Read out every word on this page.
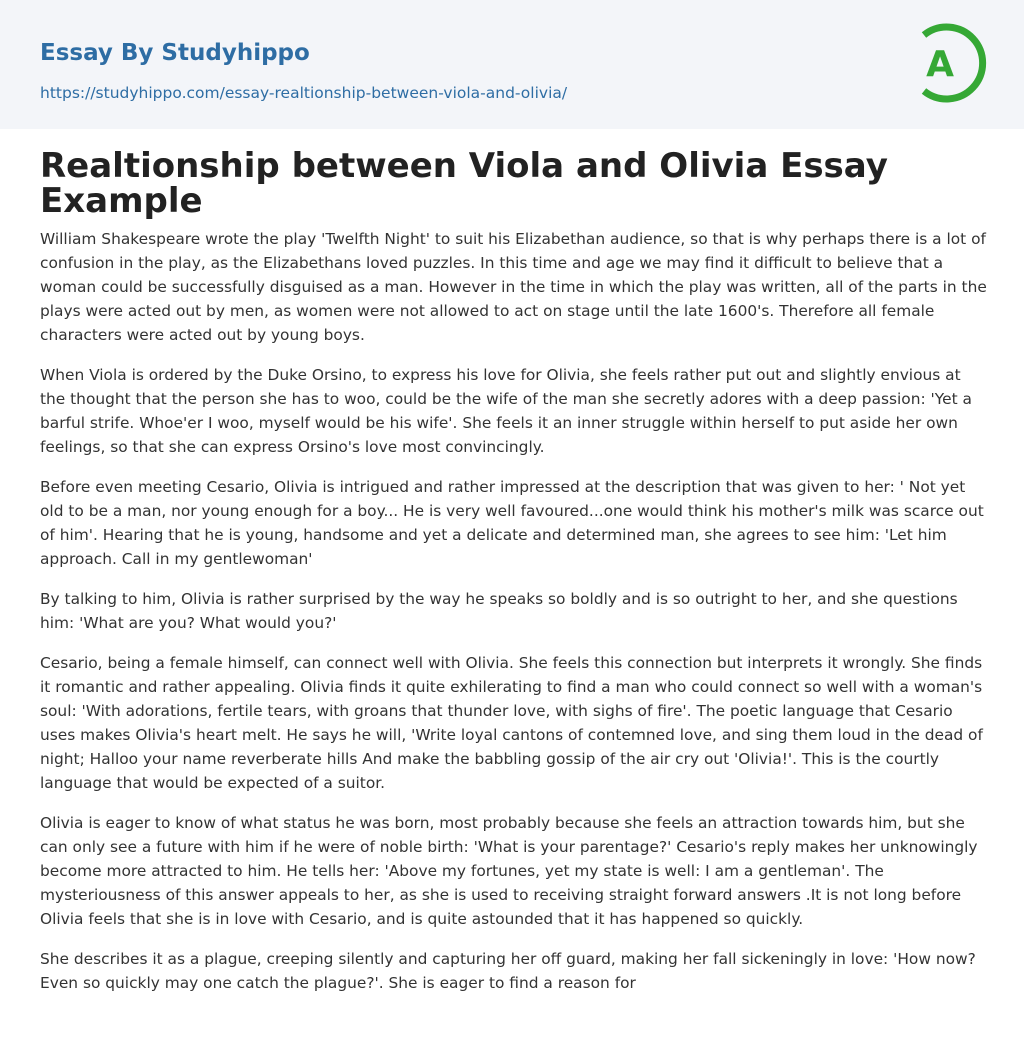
Essay By Studyhippo
https://studyhippo.com/essay-realtionship-between-viola-and-olivia/
A
Realtionship between Viola and Olivia Essay Example

William Shakespeare wrote the play 'Twelfth Night' to suit his Elizabethan audience, so that is why perhaps there is a lot of confusion in the play, as the Elizabethans loved puzzles. In this time and age we may find it difficult to believe that a woman could be successfully disguised as a man. However in the time in which the play was written, all of the parts in the plays were acted out by men, as women were not allowed to act on stage until the late 1600's. Therefore all female characters were acted out by young boys.

When Viola is ordered by the Duke Orsino, to express his love for Olivia, she feels rather put out and slightly envious at the thought that the person she has to woo, could be the wife of the man she secretly adores with a deep passion: 'Yet a barful strife. Whoe'er I woo, myself would be his wife'. She feels it an inner struggle within herself to put aside her own feelings, so that she can express Orsino's love most convincingly.

Before even meeting Cesario, Olivia is intrigued and rather impressed at the description that was given to her: ' Not yet old to be a man, nor young enough for a boy... He is very well favoured...one would think his mother's milk was scarce out of him'. Hearing that he is young, handsome and yet a delicate and determined man, she agrees to see him: 'Let him approach. Call in my gentlewoman'

By talking to him, Olivia is rather surprised by the way he speaks so boldly and is so outright to her, and she questions him: 'What are you? What would you?'

Cesario, being a female himself, can connect well with Olivia. She feels this connection but interprets it wrongly. She finds it romantic and rather appealing. Olivia finds it quite exhilerating to find a man who could connect so well with a woman's soul: 'With adorations, fertile tears, with groans that thunder love, with sighs of fire'. The poetic language that Cesario uses makes Olivia's heart melt. He says he will, 'Write loyal cantons of contemned love, and sing them loud in the dead of night; Halloo your name reverberate hills And make the babbling gossip of the air cry out 'Olivia!'. This is the courtly language that would be expected of a suitor.

Olivia is eager to know of what status he was born, most probably because she feels an attraction towards him, but she can only see a future with him if he were of noble birth: 'What is your parentage?' Cesario's reply makes her unknowingly become more attracted to him. He tells her: 'Above my fortunes, yet my state is well: I am a gentleman'. The mysteriousness of this answer appeals to her, as she is used to receiving straight forward answers .It is not long before Olivia feels that she is in love with Cesario, and is quite astounded that it has happened so quickly.

She describes it as a plague, creeping silently and capturing her off guard, making her fall sickeningly in love: 'How now? Even so quickly may one catch the plague?'. She is eager to find a reason for
